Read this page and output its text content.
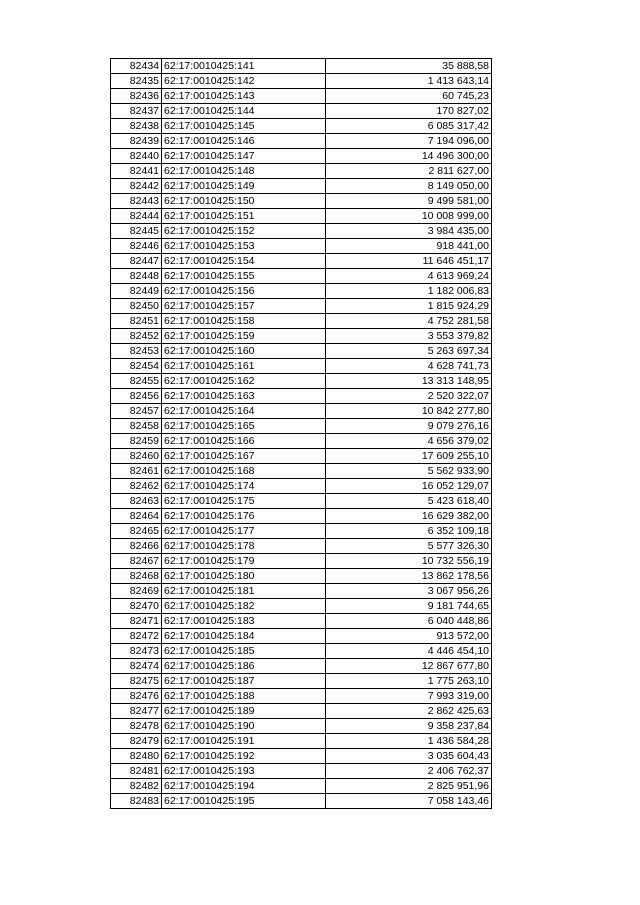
82434	62:17:0010425:141	35 888,58
82435	62:17:0010425:142	1 413 643,14
82436	62:17:0010425:143	60 745,23
82437	62:17:0010425:144	170 827,02
82438	62:17:0010425:145	6 085 317,42
82439	62:17:0010425:146	7 194 096,00
82440	62:17:0010425:147	14 496 300,00
82441	62:17:0010425:148	2 811 627,00
82442	62:17:0010425:149	8 149 050,00
82443	62:17:0010425:150	9 499 581,00
82444	62:17:0010425:151	10 008 999,00
82445	62:17:0010425:152	3 984 435,00
82446	62:17:0010425:153	918 441,00
82447	62:17:0010425:154	11 646 451,17
82448	62:17:0010425:155	4 613 969,24
82449	62:17:0010425:156	1 182 006,83
82450	62:17:0010425:157	1 815 924,29
82451	62:17:0010425:158	4 752 281,58
82452	62:17:0010425:159	3 553 379,82
82453	62:17:0010425:160	5 263 697,34
82454	62:17:0010425:161	4 628 741,73
82455	62:17:0010425:162	13 313 148,95
82456	62:17:0010425:163	2 520 322,07
82457	62:17:0010425:164	10 842 277,80
82458	62:17:0010425:165	9 079 276,16
82459	62:17:0010425:166	4 656 379,02
82460	62:17:0010425:167	17 609 255,10
82461	62:17:0010425:168	5 562 933,90
82462	62:17:0010425:174	16 052 129,07
82463	62:17:0010425:175	5 423 618,40
82464	62:17:0010425:176	16 629 382,00
82465	62:17:0010425:177	6 352 109,18
82466	62:17:0010425:178	5 577 326,30
82467	62:17:0010425:179	10 732 556,19
82468	62:17:0010425:180	13 862 178,56
82469	62:17:0010425:181	3 067 956,26
82470	62:17:0010425:182	9 181 744,65
82471	62:17:0010425:183	6 040 448,86
82472	62:17:0010425:184	913 572,00
82473	62:17:0010425:185	4 446 454,10
82474	62:17:0010425:186	12 867 677,80
82475	62:17:0010425:187	1 775 263,10
82476	62:17:0010425:188	7 993 319,00
82477	62:17:0010425:189	2 862 425,63
82478	62:17:0010425:190	9 358 237,84
82479	62:17:0010425:191	1 436 584,28
82480	62:17:0010425:192	3 035 604,43
82481	62:17:0010425:193	2 406 762,37
82482	62:17:0010425:194	2 825 951,96
82483	62:17:0010425:195	7 058 143,46
